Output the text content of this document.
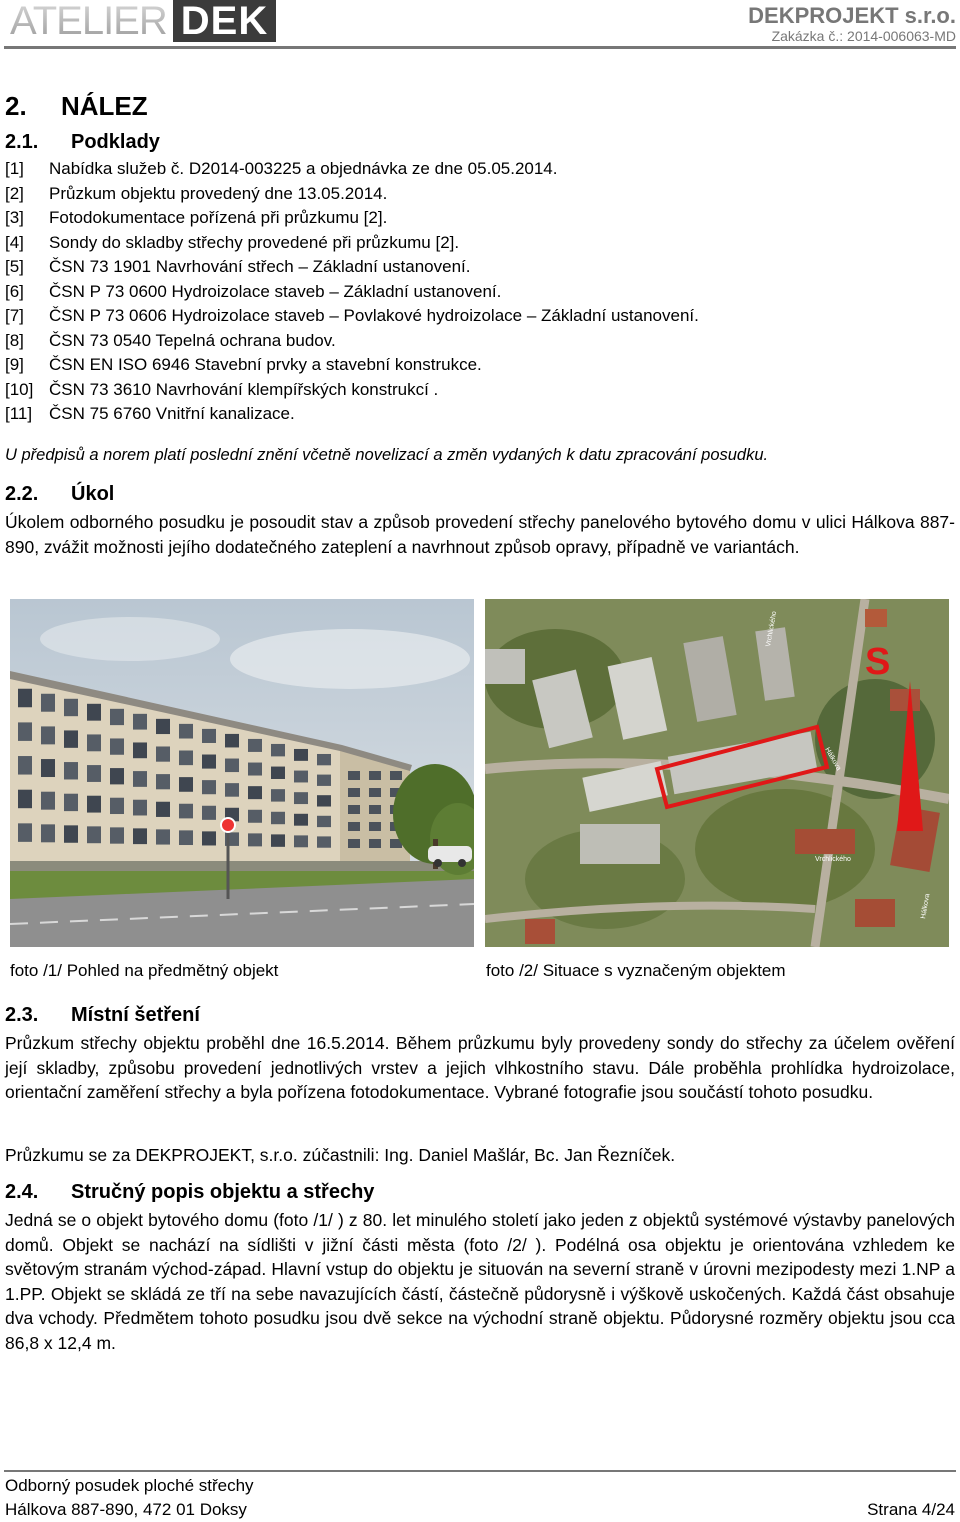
ATELIER DEK	DEKPROJEKT s.r.o.
Zakázka č.: 2014-006063-MD
2. NÁLEZ
2.1. Podklady
[1] Nabídka služeb č. D2014-003225 a objednávka ze dne 05.05.2014.
[2] Průzkum objektu provedený dne 13.05.2014.
[3] Fotodokumentace pořízená při průzkumu [2].
[4] Sondy do skladby střechy provedené při průzkumu [2].
[5] ČSN 73 1901 Navrhování střech – Základní ustanovení.
[6] ČSN P 73 0600 Hydroizolace staveb – Základní ustanovení.
[7] ČSN P 73 0606 Hydroizolace staveb – Povlakové hydroizolace – Základní ustanovení.
[8] ČSN 73 0540 Tepelná ochrana budov.
[9] ČSN EN ISO 6946 Stavební prvky a stavební konstrukce.
[10] ČSN 73 3610 Navrhování klempířských konstrukcí .
[11] ČSN 75 6760 Vnitřní kanalizace.
U předpisů a norem platí poslední znění včetně novelizací a změn vydaných k datu zpracování posudku.
2.2. Úkol

Úkolem odborného posudku je posoudit stav a způsob provedení střechy panelového bytového domu v ulici Hálkova 887-890, zvážit možnosti jejího dodatečného zateplení a navrhnout způsob opravy, případně ve variantách.

S
Vrchlického
Vrchlického
Hálkova
Hálkova
foto /1/ Pohled na předmětný objekt	foto /2/ Situace s vyznačeným objektem
2.3. Místní šetření

Průzkum střechy objektu proběhl dne 16.5.2014. Během průzkumu byly provedeny sondy do střechy za účelem ověření její skladby, způsobu provedení jednotlivých vrstev a jejich vlhkostního stavu. Dále proběhla prohlídka hydroizolace, orientační zaměření střechy a byla pořízena fotodokumentace. Vybrané fotografie jsou součástí tohoto posudku.

Průzkumu se za DEKPROJEKT, s.r.o. zúčastnili: Ing. Daniel Mašlár, Bc. Jan Řezníček.

2.4. Stručný popis objektu a střechy

Jedná se o objekt bytového domu (foto /1/ ) z 80. let minulého století jako jeden z objektů systémové výstavby panelových domů. Objekt se nachází na sídlišti v jižní části města (foto /2/ ). Podélná osa objektu je orientována vzhledem ke světovým stranám východ-západ. Hlavní vstup do objektu je situován na severní straně v úrovni mezipodesty mezi 1.NP a 1.PP. Objekt se skládá ze tří na sebe navazujících částí, částečně půdorysně i výškově uskočených. Každá část obsahuje dva vchody. Předmětem tohoto posudku jsou dvě sekce na východní straně objektu. Půdorysné rozměry objektu jsou cca 86,8 x 12,4 m.

Odborný posudek ploché střechy
Hálkova 887-890, 472 01 Doksy	Strana 4/24
